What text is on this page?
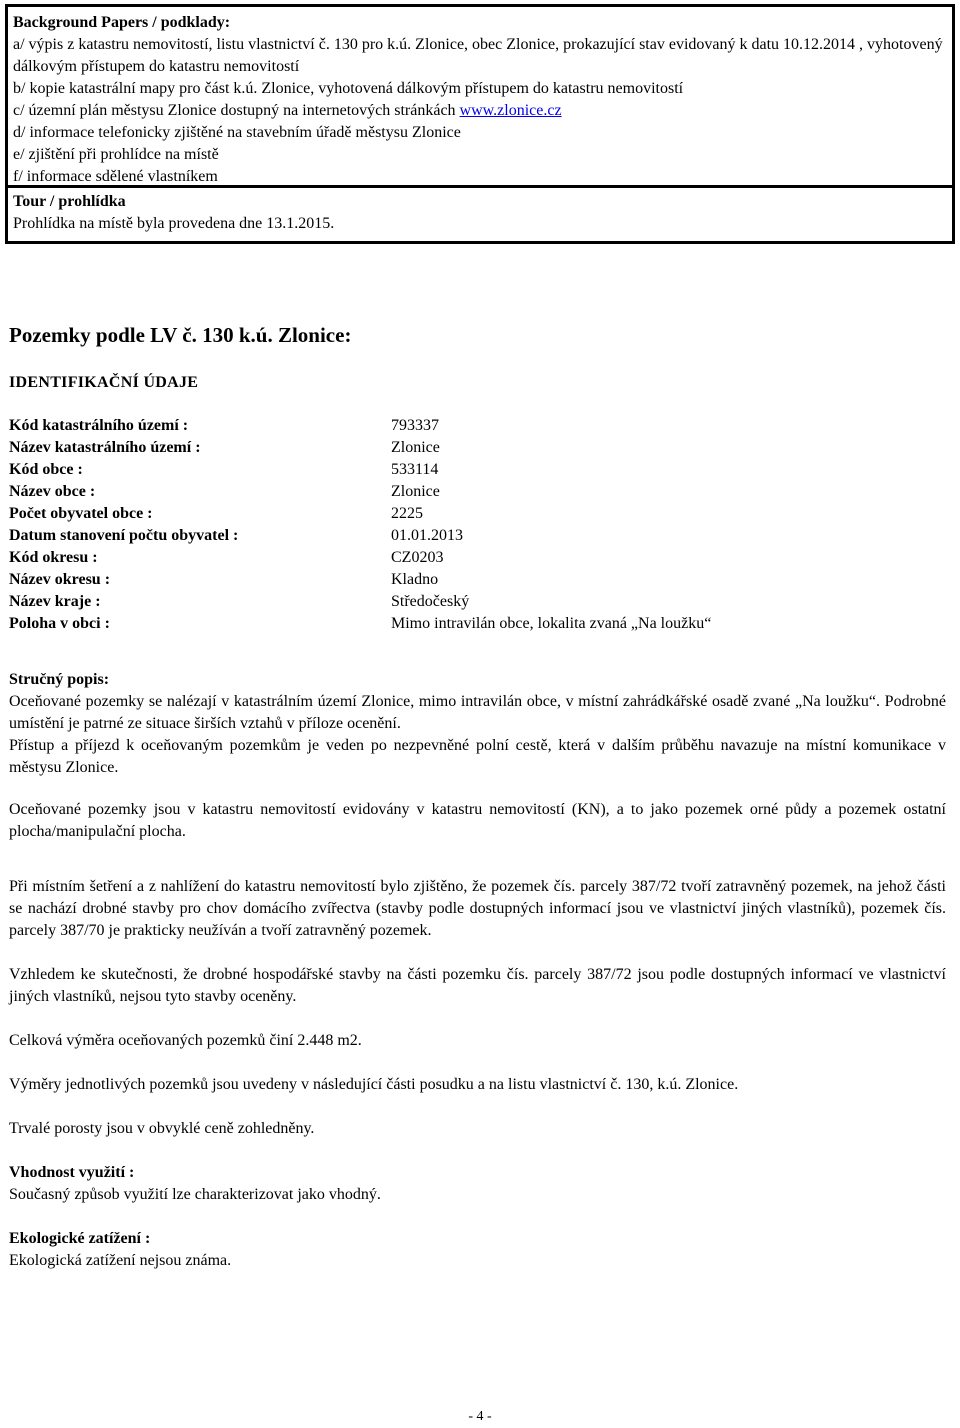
Background Papers / podklady:
a/ výpis z katastru nemovitostí, listu vlastnictví č. 130 pro k.ú. Zlonice, obec Zlonice, prokazující stav evidovaný k datu 10.12.2014 , vyhotovený dálkovým přístupem do katastru nemovitostí
b/ kopie katastrální mapy pro část k.ú. Zlonice, vyhotovená dálkovým přístupem do katastru nemovitostí
c/ územní plán městysu Zlonice dostupný na internetových stránkách www.zlonice.cz
d/ informace telefonicky zjištěné na stavebním úřadě městysu Zlonice
e/ zjištění při prohlídce na místě
f/ informace sdělené vlastníkem
Tour / prohlídka
Prohlídka na místě byla provedena dne 13.1.2015.
Pozemky podle LV č. 130 k.ú. Zlonice:
IDENTIFIKAČNÍ ÚDAJE
Kód katastrálního území :	793337
Název katastrálního území :	Zlonice
Kód obce :	533114
Název obce :	Zlonice
Počet obyvatel obce :	2225
Datum stanovení počtu obyvatel :	01.01.2013
Kód okresu :	CZ0203
Název okresu :	Kladno
Název kraje :	Středočeský
Poloha v obci :	Mimo intravilán obce, lokalita zvaná „Na loužku“

Stručný popis:

Oceňované pozemky se nalézají v katastrálním území Zlonice, mimo intravilán obce, v místní zahrádkářské osadě zvané „Na loužku“. Podrobné umístění je patrné ze situace širších vztahů v příloze ocenění.

Přístup a příjezd k oceňovaným pozemkům je veden po nezpevněné polní cestě, která v dalším průběhu navazuje na místní komunikace v městysu Zlonice.

Oceňované pozemky jsou v katastru nemovitostí evidovány v katastru nemovitostí (KN), a to jako pozemek orné půdy a pozemek ostatní plocha/manipulační plocha.

Při místním šetření a z nahlížení do katastru nemovitostí bylo zjištěno, že pozemek čís. parcely 387/72 tvoří zatravněný pozemek, na jehož části se nachází drobné stavby pro chov domácího zvířectva (stavby podle dostupných informací jsou ve vlastnictví jiných vlastníků), pozemek čís. parcely 387/70 je prakticky neužíván a tvoří zatravněný pozemek.

Vzhledem ke skutečnosti, že drobné hospodářské stavby na části pozemku čís. parcely 387/72 jsou podle dostupných informací ve vlastnictví jiných vlastníků, nejsou tyto stavby oceněny.

Celková výměra oceňovaných pozemků činí 2.448 m2.

Výměry jednotlivých pozemků jsou uvedeny v následující části posudku a na listu vlastnictví č. 130, k.ú. Zlonice.

Trvalé porosty jsou v obvyklé ceně zohledněny.

Vhodnost využití :

Současný způsob využití lze charakterizovat jako vhodný.

Ekologické zatížení :

Ekologická zatížení nejsou známa.

- 4 -
